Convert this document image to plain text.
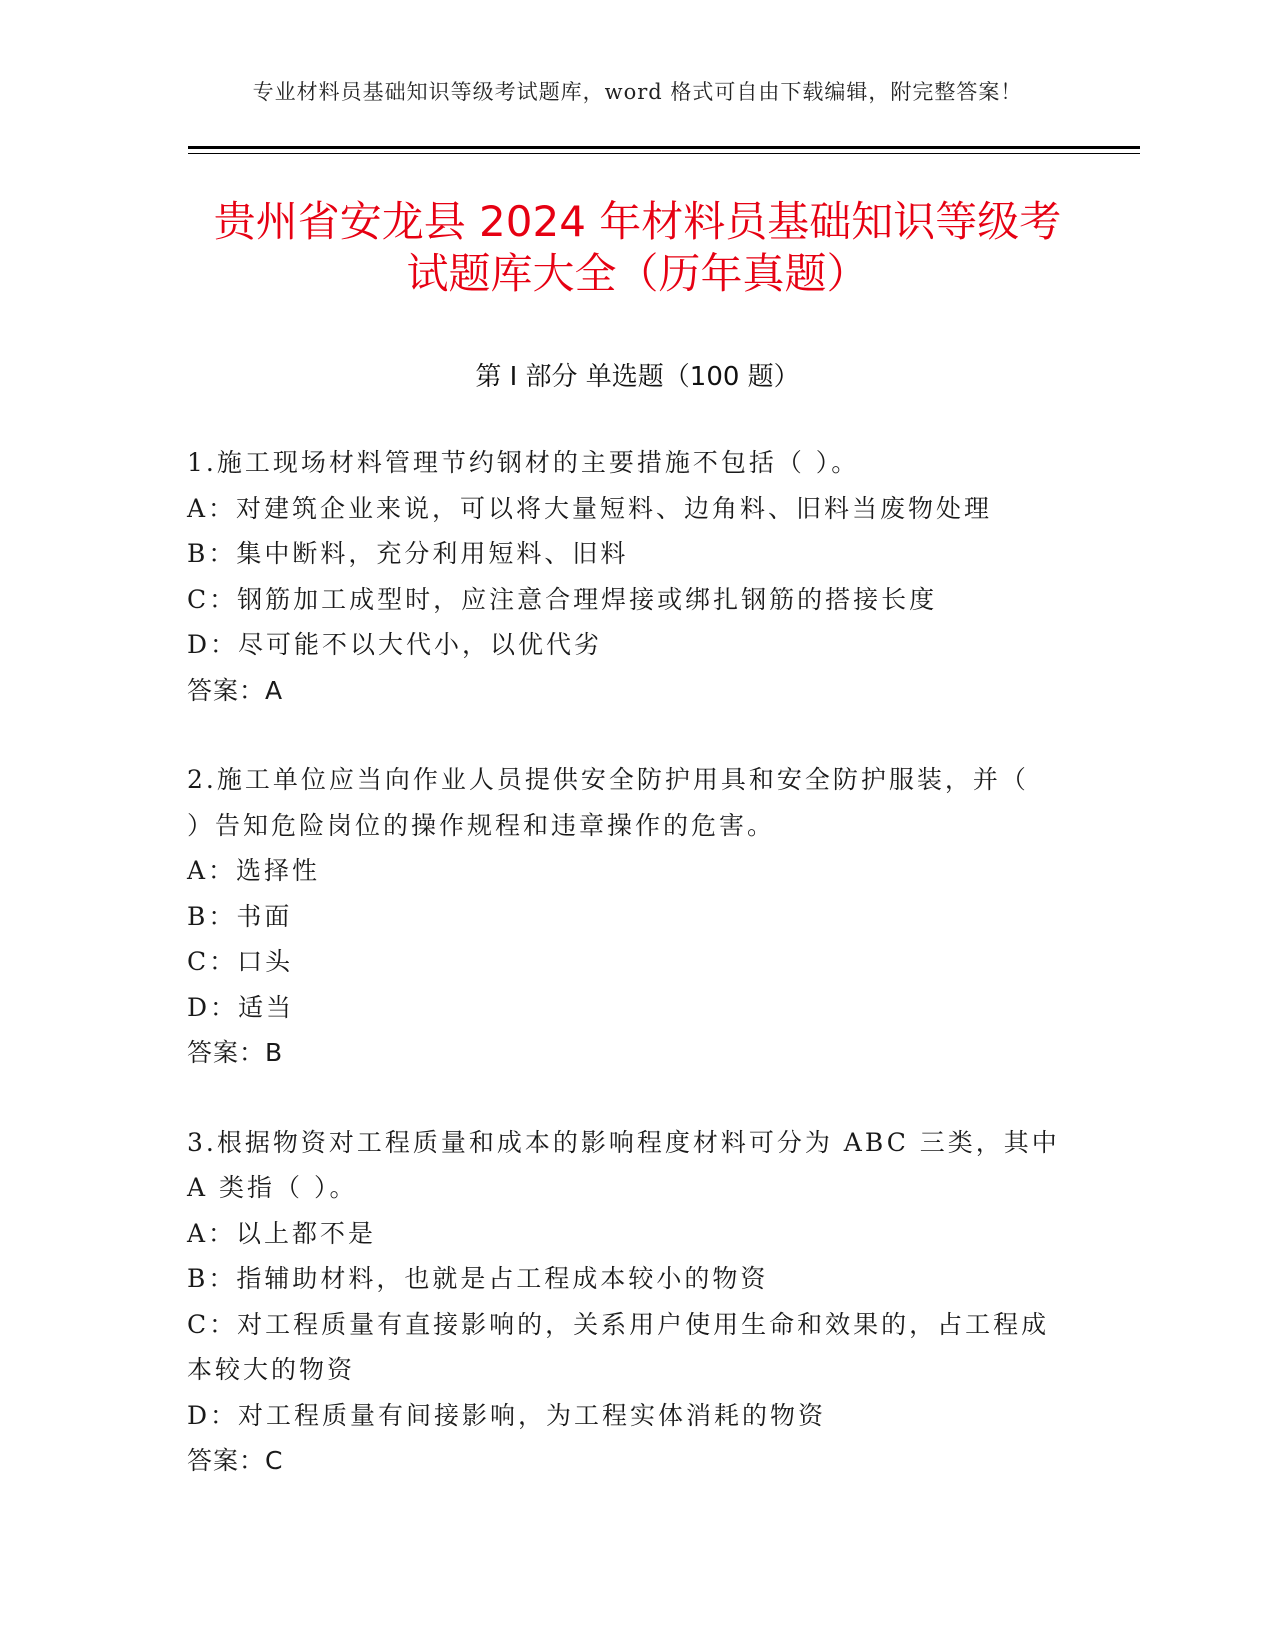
专业材料员基础知识等级考试题库，word 格式可自由下载编辑，附完整答案！
贵州省安龙县 2024 年材料员基础知识等级考
试题库大全（历年真题）
第 I 部分 单选题（100 题）
1.施工现场材料管理节约钢材的主要措施不包括（ ）。
A：对建筑企业来说，可以将大量短料、边角料、旧料当废物处理
B：集中断料，充分利用短料、旧料
C：钢筋加工成型时，应注意合理焊接或绑扎钢筋的搭接长度
D：尽可能不以大代小，以优代劣
答案：A
2.施工单位应当向作业人员提供安全防护用具和安全防护服装，并（
）告知危险岗位的操作规程和违章操作的危害。
A：选择性
B：书面
C：口头
D：适当
答案：B
3.根据物资对工程质量和成本的影响程度材料可分为 ABC 三类，其中
A 类指（ ）。
A：以上都不是
B：指辅助材料，也就是占工程成本较小的物资
C：对工程质量有直接影响的，关系用户使用生命和效果的，占工程成
本较大的物资
D：对工程质量有间接影响，为工程实体消耗的物资
答案：C
